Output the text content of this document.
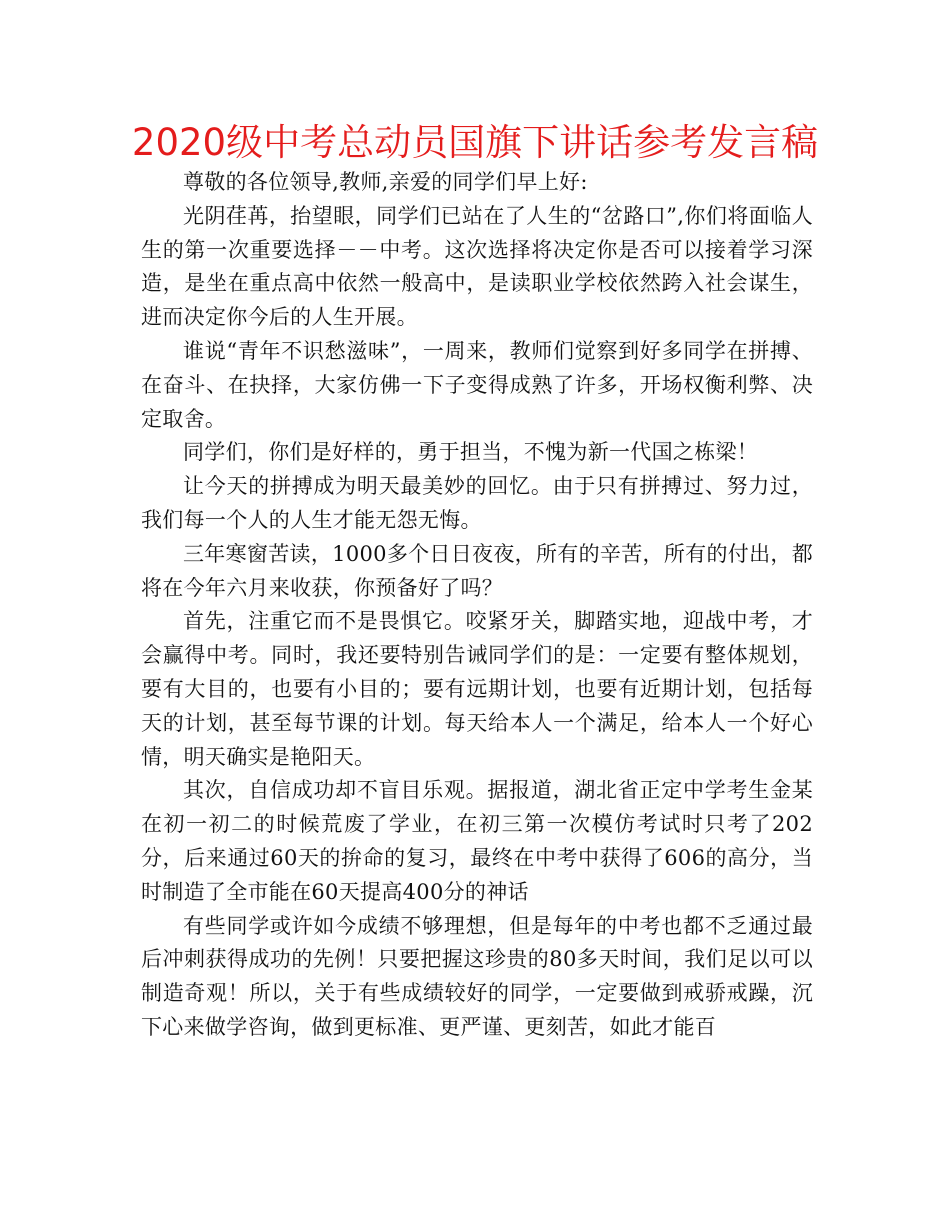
2020级中考总动员国旗下讲话参考发言稿

尊敬的各位领导,教师,亲爱的同学们早上好:

光阴荏苒，抬望眼，同学们已站在了人生的“岔路口”,你们将面临人生的第一次重要选择－－中考。这次选择将决定你是否可以接着学习深造，是坐在重点高中依然一般高中，是读职业学校依然跨入社会谋生，进而决定你今后的人生开展。

谁说“青年不识愁滋味”，一周来，教师们觉察到好多同学在拼搏、在奋斗、在抉择，大家仿佛一下子变得成熟了许多，开场权衡利弊、决定取舍。

同学们，你们是好样的，勇于担当，不愧为新一代国之栋梁！

让今天的拼搏成为明天最美妙的回忆。由于只有拼搏过、努力过，我们每一个人的人生才能无怨无悔。

三年寒窗苦读，1000多个日日夜夜，所有的辛苦，所有的付出，都将在今年六月来收获，你预备好了吗？

首先，注重它而不是畏惧它。咬紧牙关，脚踏实地，迎战中考，才会赢得中考。同时，我还要特别告诫同学们的是：一定要有整体规划，要有大目的，也要有小目的；要有远期计划，也要有近期计划，包括每天的计划，甚至每节课的计划。每天给本人一个满足，给本人一个好心情，明天确实是艳阳天。

其次，自信成功却不盲目乐观。据报道，湖北省正定中学考生金某在初一初二的时候荒废了学业，在初三第一次模仿考试时只考了202分，后来通过60天的拚命的复习，最终在中考中获得了606的高分，当时制造了全市能在60天提高400分的神话

有些同学或许如今成绩不够理想，但是每年的中考也都不乏通过最后冲刺获得成功的先例！只要把握这珍贵的80多天时间，我们足以可以制造奇观！所以，关于有些成绩较好的同学，一定要做到戒骄戒躁，沉下心来做学咨询，做到更标准、更严谨、更刻苦，如此才能百
